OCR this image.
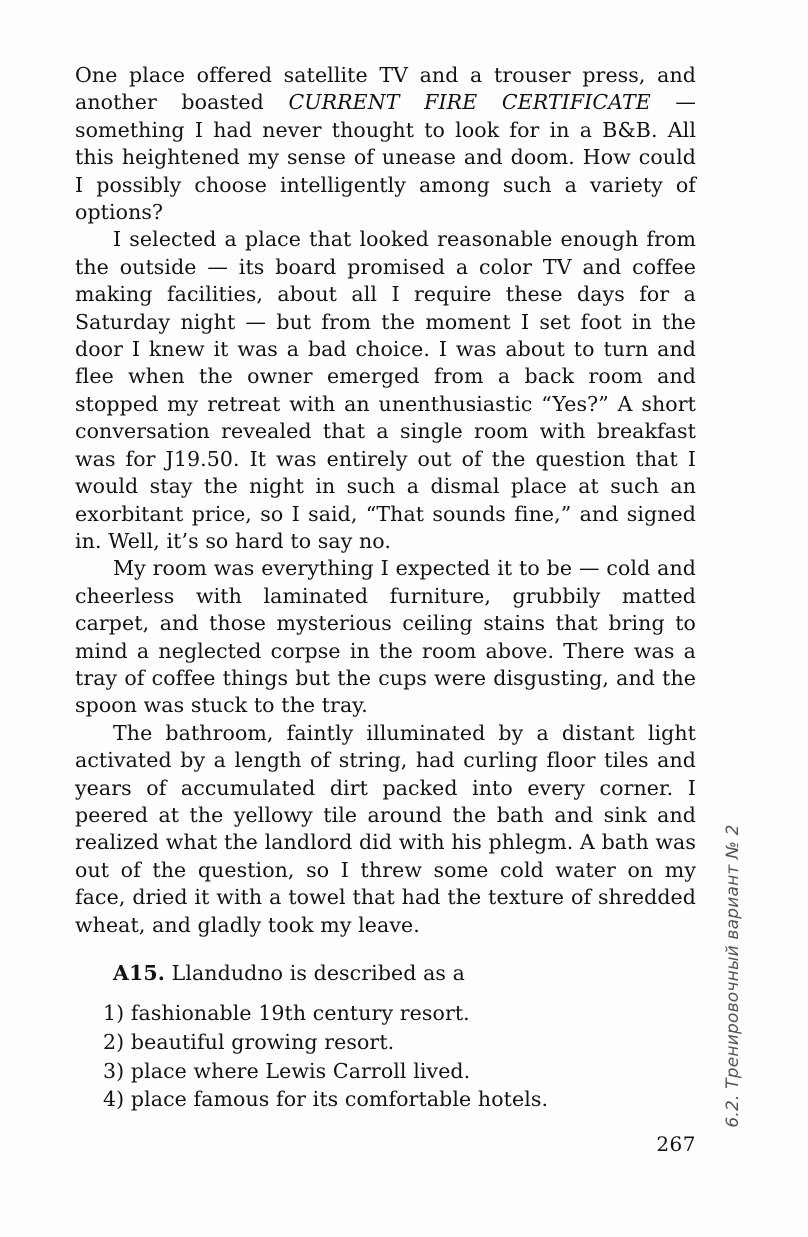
One place offered satellite TV and a trouser press, and another boasted CURRENT FIRE CERTIFICATE — something I had never thought to look for in a B&B. All this heightened my sense of unease and doom. How could I possibly choose intelligently among such a variety of options?

I selected a place that looked reasonable enough from the outside — its board promised a color TV and coffee making facilities, about all I require these days for a Saturday night — but from the moment I set foot in the door I knew it was a bad choice. I was about to turn and flee when the owner emerged from a back room and stopped my retreat with an unenthusiastic “Yes?” A short conversation revealed that a single room with breakfast was for J19.50. It was entirely out of the question that I would stay the night in such a dismal place at such an exorbitant price, so I said, “That sounds fine,” and signed in. Well, it’s so hard to say no.

My room was everything I expected it to be — cold and cheerless with laminated furniture, grubbily matted carpet, and those mysterious ceiling stains that bring to mind a neglected corpse in the room above. There was a tray of coffee things but the cups were disgusting, and the spoon was stuck to the tray.

The bathroom, faintly illuminated by a distant light activated by a length of string, had curling floor tiles and years of accumulated dirt packed into every corner. I peered at the yellowy tile around the bath and sink and realized what the landlord did with his phlegm. A bath was out of the question, so I threw some cold water on my face, dried it with a towel that had the texture of shredded wheat, and gladly took my leave.

A15. Llandudno is described as a
1) fashionable 19th century resort.
2) beautiful growing resort.
3) place where Lewis Carroll lived.
4) place famous for its comfortable hotels.
267
6.2. Тренировочный вариант № 2
